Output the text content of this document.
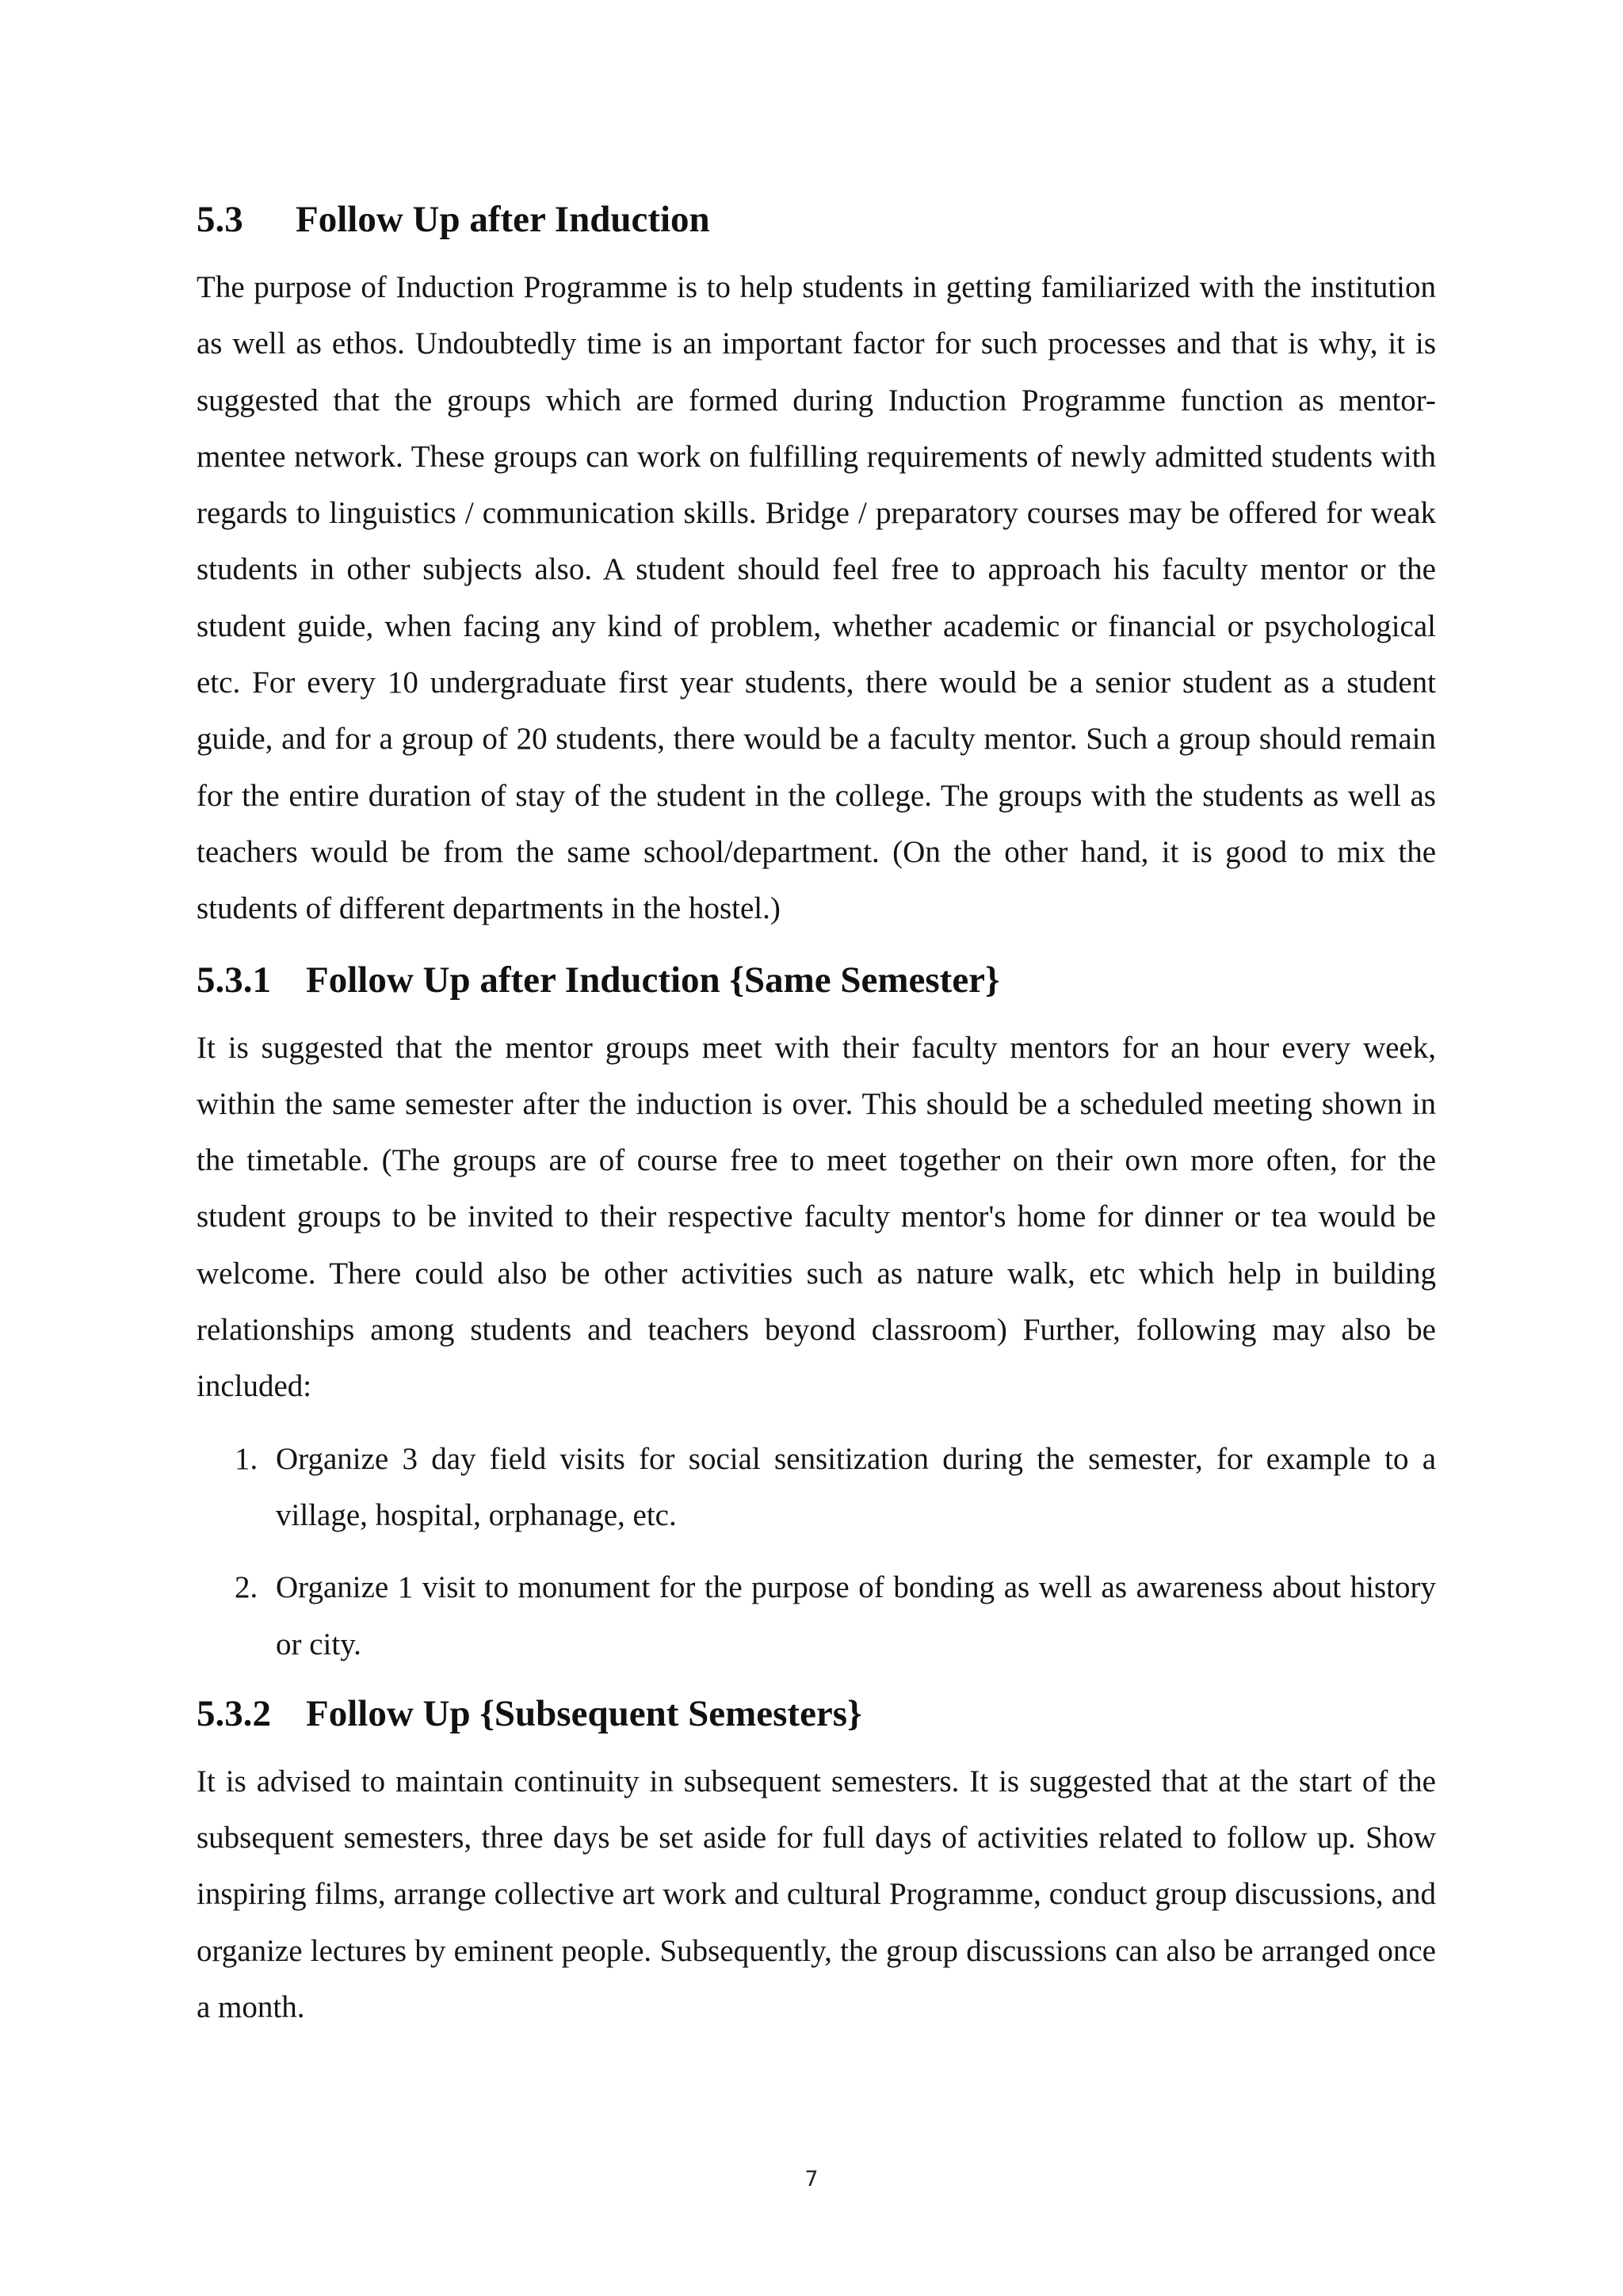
5.3	Follow Up after Induction

The purpose of Induction Programme is to help students in getting familiarized with the institution as well as ethos. Undoubtedly time is an important factor for such processes and that is why, it is suggested that the groups which are formed during Induction Programme function as mentor-mentee network. These groups can work on fulfilling requirements of newly admitted students with regards to linguistics / communication skills. Bridge / preparatory courses may be offered for weak students in other subjects also. A student should feel free to approach his faculty mentor or the student guide, when facing any kind of problem, whether academic or financial or psychological etc. For every 10 undergraduate first year students, there would be a senior student as a student guide, and for a group of 20 students, there would be a faculty mentor. Such a group should remain for the entire duration of stay of the student in the college. The groups with the students as well as teachers would be from the same school/department. (On the other hand, it is good to mix the students of different departments in the hostel.)

5.3.1 Follow Up after Induction {Same Semester}

It is suggested that the mentor groups meet with their faculty mentors for an hour every week, within the same semester after the induction is over. This should be a scheduled meeting shown in the timetable. (The groups are of course free to meet together on their own more often, for the student groups to be invited to their respective faculty mentor's home for dinner or tea would be welcome. There could also be other activities such as nature walk, etc which help in building relationships among students and teachers beyond classroom) Further, following may also be included:

1. Organize 3 day field visits for social sensitization during the semester, for example to a village, hospital, orphanage, etc.
2. Organize 1 visit to monument for the purpose of bonding as well as awareness about history or city.
5.3.2 Follow Up {Subsequent Semesters}

It is advised to maintain continuity in subsequent semesters. It is suggested that at the start of the subsequent semesters, three days be set aside for full days of activities related to follow up. Show inspiring films, arrange collective art work and cultural Programme, conduct group discussions, and organize lectures by eminent people. Subsequently, the group discussions can also be arranged once a month.

7
